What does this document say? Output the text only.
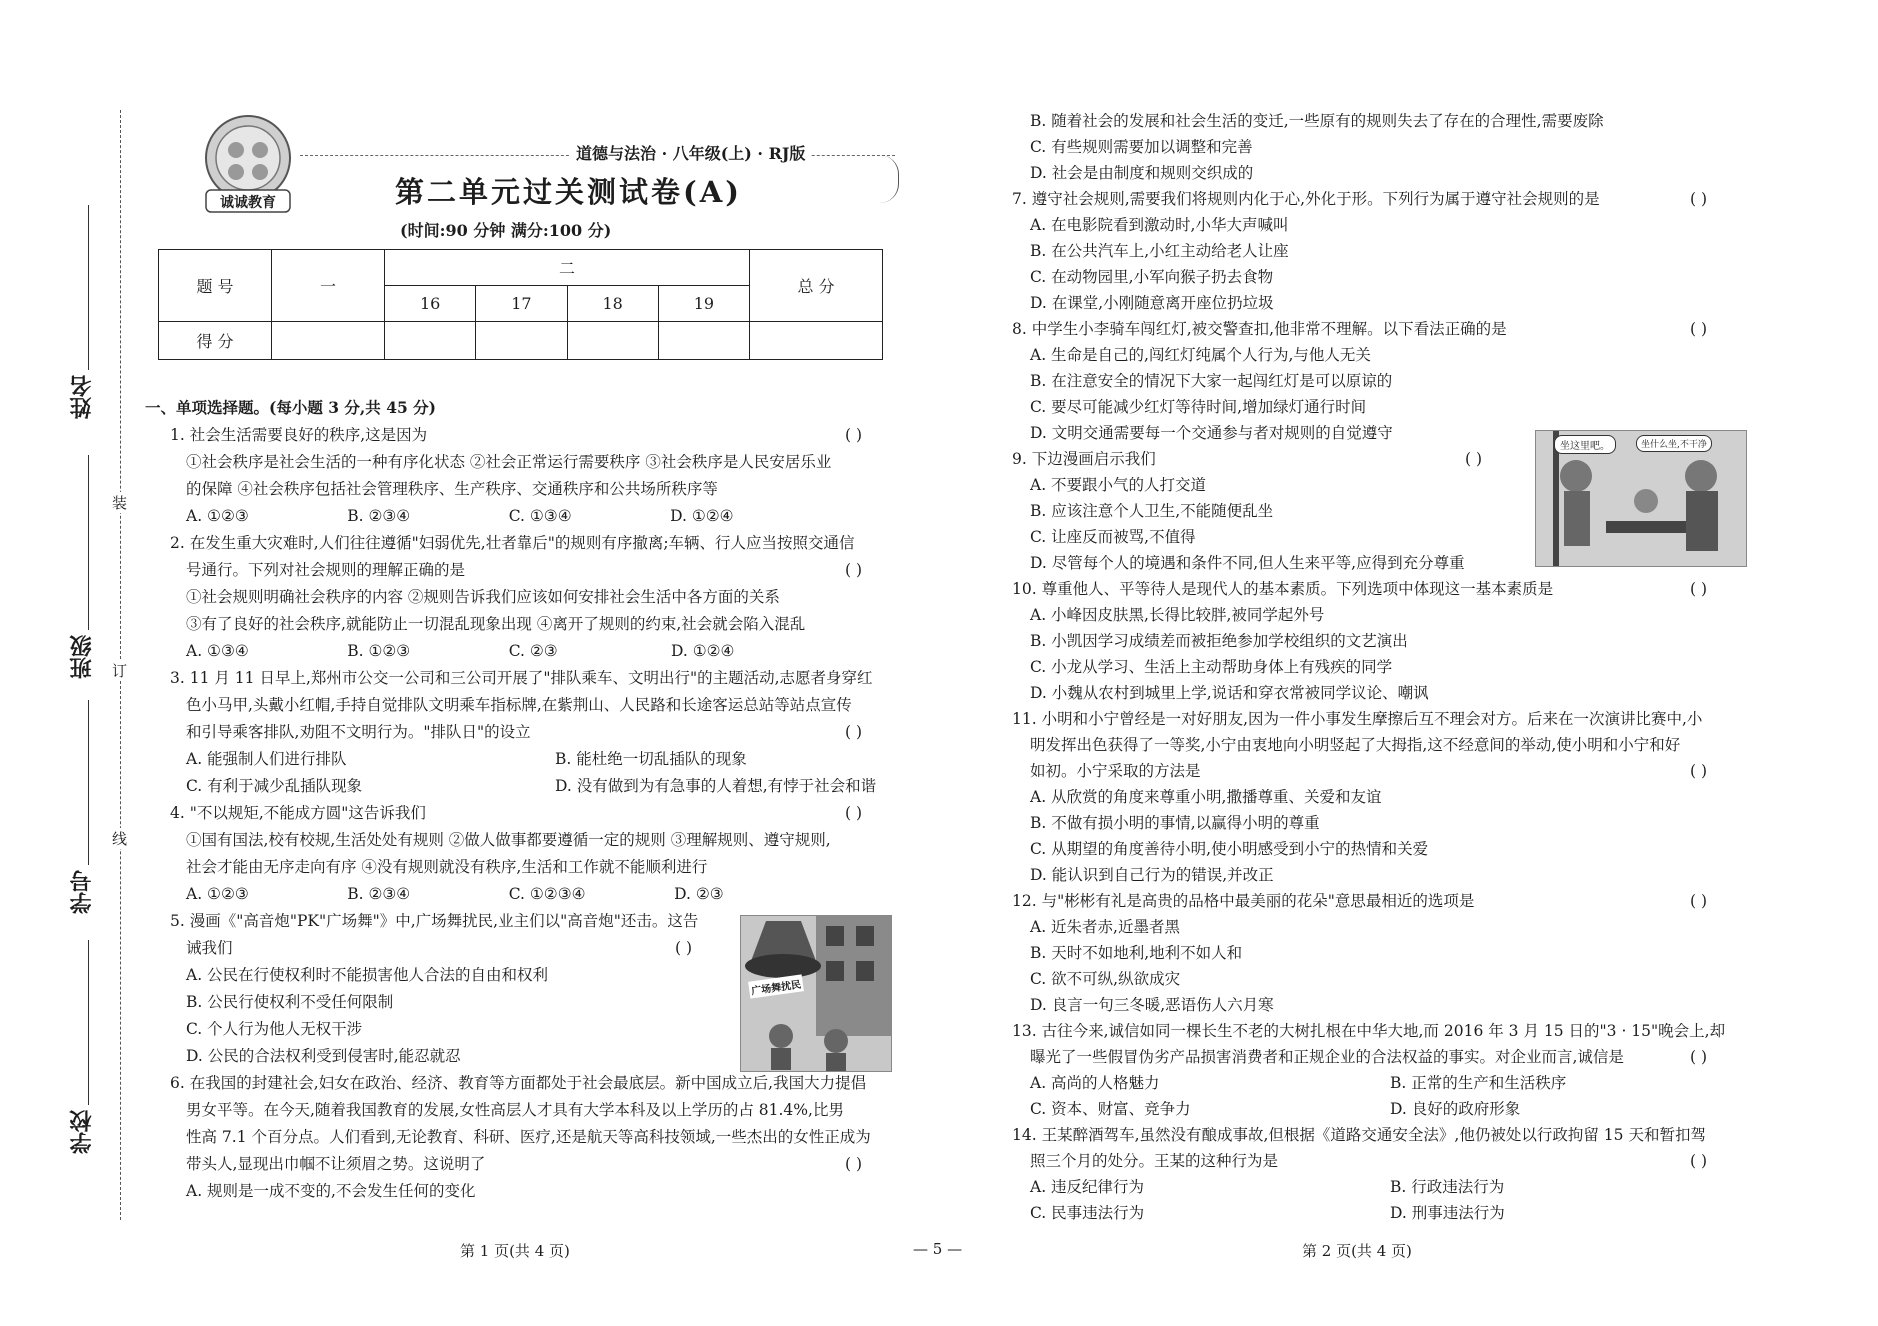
姓名
班级
学号
学校
装
订
线
诚诚教育
道德与法治 · 八年级(上) · RJ版
第二单元过关测试卷(A)
(时间:90 分钟 满分:100 分)
题 号	一	二				总 分
		16	17	18	19	
得 分						
一、单项选择题。(每小题 3 分,共 45 分)
1. 社会生活需要良好的秩序,这是因为	( )
①社会秩序是社会生活的一种有序化状态 ②社会正常运行需要秩序 ③社会秩序是人民安居乐业
的保障 ④社会秩序包括社会管理秩序、生产秩序、交通秩序和公共场所秩序等
A. ①②③                    B. ②③④                    C. ①③④                    D. ①②④
2. 在发生重大灾难时,人们往往遵循"妇弱优先,壮者靠后"的规则有序撤离;车辆、行人应当按照交通信
号通行。下列对社会规则的理解正确的是	( )
①社会规则明确社会秩序的内容 ②规则告诉我们应该如何安排社会生活中各方面的关系
③有了良好的社会秩序,就能防止一切混乱现象出现 ④离开了规则的约束,社会就会陷入混乱
A. ①③④                    B. ①②③                    C. ②③                       D. ①②④
3. 11 月 11 日早上,郑州市公交一公司和三公司开展了"排队乘车、文明出行"的主题活动,志愿者身穿红
色小马甲,头戴小红帽,手持自觉排队文明乘车指标牌,在紫荆山、人民路和长途客运总站等站点宣传
和引导乘客排队,劝阻不文明行为。"排队日"的设立	( )
A. 能强制人们进行排队	B. 能杜绝一切乱插队的现象
C. 有利于减少乱插队现象	D. 没有做到为有急事的人着想,有悖于社会和谐
4. "不以规矩,不能成方圆"这告诉我们	( )
①国有国法,校有校规,生活处处有规则 ②做人做事都要遵循一定的规则 ③理解规则、遵守规则,
社会才能由无序走向有序 ④没有规则就没有秩序,生活和工作就不能顺利进行
A. ①②③                    B. ②③④                    C. ①②③④                  D. ②③
5. 漫画《"高音炮"PK"广场舞"》中,广场舞扰民,业主们以"高音炮"还击。这告
诫我们	( )
A. 公民在行使权利时不能损害他人合法的自由和权利
B. 公民行使权利不受任何限制
C. 个人行为他人无权干涉
D. 公民的合法权利受到侵害时,能忍就忍
广场舞扰民
6. 在我国的封建社会,妇女在政治、经济、教育等方面都处于社会最底层。新中国成立后,我国大力提倡
男女平等。在今天,随着我国教育的发展,女性高层人才具有大学本科及以上学历的占 81.4%,比男
性高 7.1 个百分点。人们看到,无论教育、科研、医疗,还是航天等高科技领域,一些杰出的女性正成为
带头人,显现出巾帼不让须眉之势。这说明了	( )
A. 规则是一成不变的,不会发生任何的变化
B. 随着社会的发展和社会生活的变迁,一些原有的规则失去了存在的合理性,需要废除
C. 有些规则需要加以调整和完善
D. 社会是由制度和规则交织成的
7. 遵守社会规则,需要我们将规则内化于心,外化于形。下列行为属于遵守社会规则的是	( )
A. 在电影院看到激动时,小华大声喊叫
B. 在公共汽车上,小红主动给老人让座
C. 在动物园里,小军向猴子扔去食物
D. 在课堂,小刚随意离开座位扔垃圾
8. 中学生小李骑车闯红灯,被交警查扣,他非常不理解。以下看法正确的是	( )
A. 生命是自己的,闯红灯纯属个人行为,与他人无关
B. 在注意安全的情况下大家一起闯红灯是可以原谅的
C. 要尽可能减少红灯等待时间,增加绿灯通行时间
D. 文明交通需要每一个交通参与者对规则的自觉遵守
9. 下边漫画启示我们	( )
A. 不要跟小气的人打交道
B. 应该注意个人卫生,不能随便乱坐
C. 让座反而被骂,不值得
D. 尽管每个人的境遇和条件不同,但人生来平等,应得到充分尊重
坐这里吧。	坐什么坐,不干净
10. 尊重他人、平等待人是现代人的基本素质。下列选项中体现这一基本素质是	( )
A. 小峰因皮肤黑,长得比较胖,被同学起外号
B. 小凯因学习成绩差而被拒绝参加学校组织的文艺演出
C. 小龙从学习、生活上主动帮助身体上有残疾的同学
D. 小魏从农村到城里上学,说话和穿衣常被同学议论、嘲讽
11. 小明和小宁曾经是一对好朋友,因为一件小事发生摩擦后互不理会对方。后来在一次演讲比赛中,小
明发挥出色获得了一等奖,小宁由衷地向小明竖起了大拇指,这不经意间的举动,使小明和小宁和好
如初。小宁采取的方法是	( )
A. 从欣赏的角度来尊重小明,撒播尊重、关爱和友谊
B. 不做有损小明的事情,以赢得小明的尊重
C. 从期望的角度善待小明,使小明感受到小宁的热情和关爱
D. 能认识到自己行为的错误,并改正
12. 与"彬彬有礼是高贵的品格中最美丽的花朵"意思最相近的选项是	( )
A. 近朱者赤,近墨者黑
B. 天时不如地利,地利不如人和
C. 欲不可纵,纵欲成灾
D. 良言一句三冬暖,恶语伤人六月寒
13. 古往今来,诚信如同一棵长生不老的大树扎根在中华大地,而 2016 年 3 月 15 日的"3 · 15"晚会上,却
曝光了一些假冒伪劣产品损害消费者和正规企业的合法权益的事实。对企业而言,诚信是	( )
A. 高尚的人格魅力	B. 正常的生产和生活秩序
C. 资本、财富、竞争力	D. 良好的政府形象
14. 王某醉酒驾车,虽然没有酿成事故,但根据《道路交通安全法》,他仍被处以行政拘留 15 天和暂扣驾
照三个月的处分。王某的这种行为是	( )
A. 违反纪律行为	B. 行政违法行为
C. 民事违法行为	D. 刑事违法行为
第 1 页(共 4 页)	— 5 —	第 2 页(共 4 页)
